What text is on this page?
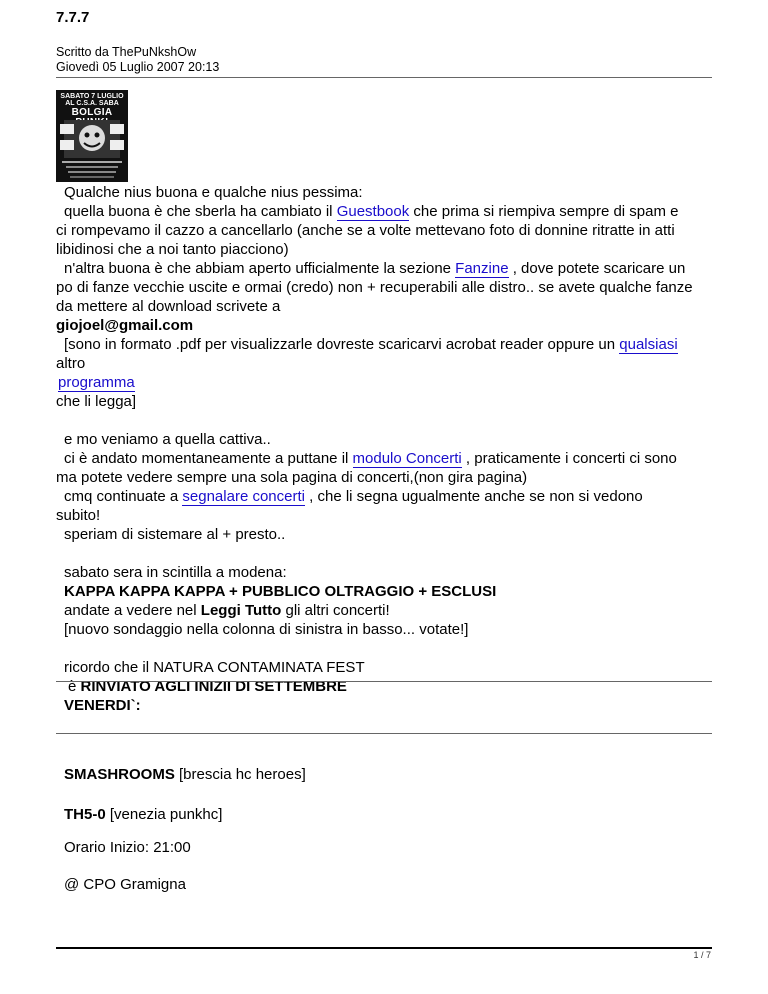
7.7.7
Scritto da ThePuNkshOw
Giovedì 05 Luglio 2007 20:13
SABATO 7 LUGLIO AL C.S.A. SABA
BOLGIA

Qualche nius buona e qualche nius pessima:

quella buona è che sberla ha cambiato il Guestbook che prima si riempiva sempre di spam e

ci rompevamo il cazzo a cancellarlo (anche se a volte mettevano foto di donnine ritratte in atti

libidinosi che a noi tanto piacciono)

n'altra buona è che abbiam aperto ufficialmente la sezione Fanzine , dove potete scaricare un

po di fanze vecchie uscite e ormai (credo) non + recuperabili alle distro.. se avete qualche fanze

da mettere al download scrivete a

giojoel@gmail.com

[sono in formato .pdf per visualizzarle dovreste scaricarvi acrobat reader oppure un qualsiasi

altro

programma

che li legga]

e mo veniamo a quella cattiva..

ci è andato momentaneamente a puttane il modulo Concerti , praticamente i concerti ci sono

ma potete vedere sempre una sola pagina di concerti,(non gira pagina)

cmq continuate a segnalare concerti , che li segna ugualmente anche se non si vedono

subito!

speriam di sistemare al + presto..

sabato sera in scintilla a modena:

KAPPA KAPPA KAPPA + PUBBLICO OLTRAGGIO + ESCLUSI

andate a vedere nel Leggi Tutto gli altri concerti!

[nuovo sondaggio nella colonna di sinistra in basso... votate!]

ricordo che il NATURA CONTAMINATA FEST

è RINVIATO AGLI INIZII DI SETTEMBRE

VENERDI`:
SMASHROOMS [brescia hc heroes]
TH5-0 [venezia punkhc]
Orario Inizio: 21:00
@ CPO Gramigna
1 / 7
